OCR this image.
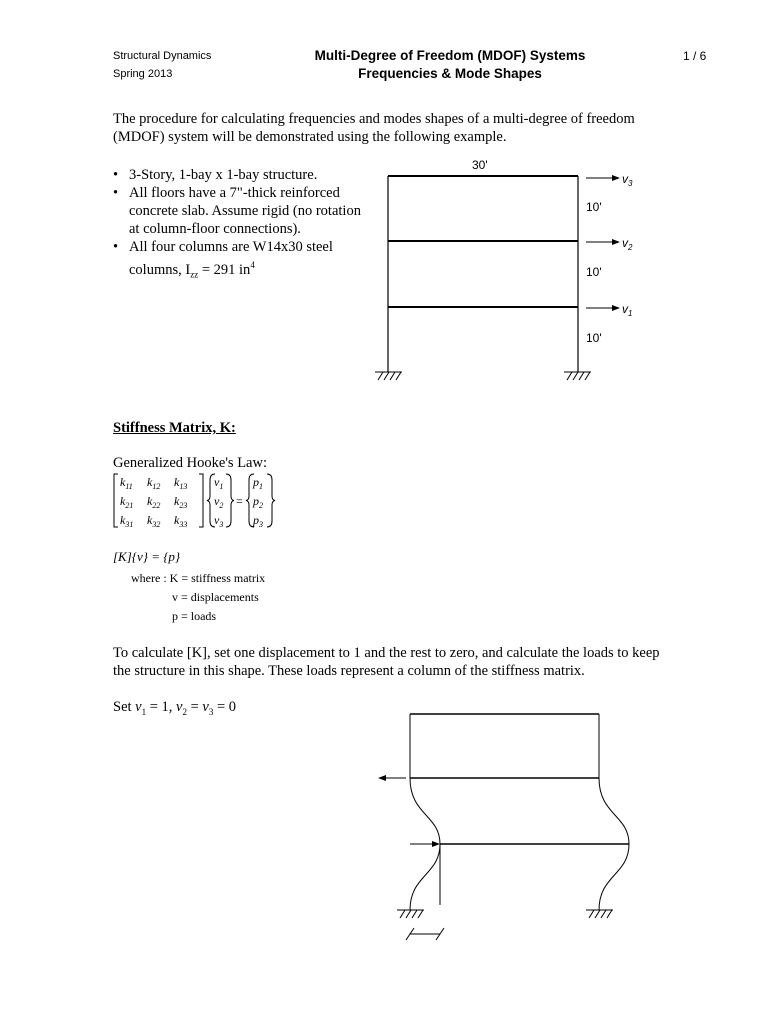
Structural Dynamics
Spring 2013
Multi-Degree of Freedom (MDOF) Systems
Frequencies & Mode Shapes
1 / 6
The procedure for calculating frequencies and modes shapes of a multi-degree of freedom (MDOF) system will be demonstrated using the following example.
• 3-Story, 1-bay x 1-bay structure.
• All floors have a 7"-thick reinforced concrete slab. Assume rigid (no rotation at column-floor connections).
• All four columns are W14x30 steel columns, $I_{zz} = 291$ $in^4$
30'
10'
10'
10'
$v_3$
$v_2$
$v_1$
Stiffness Matrix, K:
Generalized Hooke's Law:
$k_{11}$ $k_{12}$ $k_{13}$
$k_{21}$ $k_{22}$ $k_{23}$
$k_{31}$ $k_{32}$ $k_{33}$
$v_1$
$v_2$
$v_3$
=
$p_1$
$p_2$
$p_3$
[K]{v} = {p}
where : K = stiffness matrix
v = displacements
p = loads
To calculate [K], set one displacement to 1 and the rest to zero, and calculate the loads to keep the structure in this shape. These loads represent a column of the stiffness matrix.
Set $v_1 = 1$, $v_2 = v_3 = 0$
